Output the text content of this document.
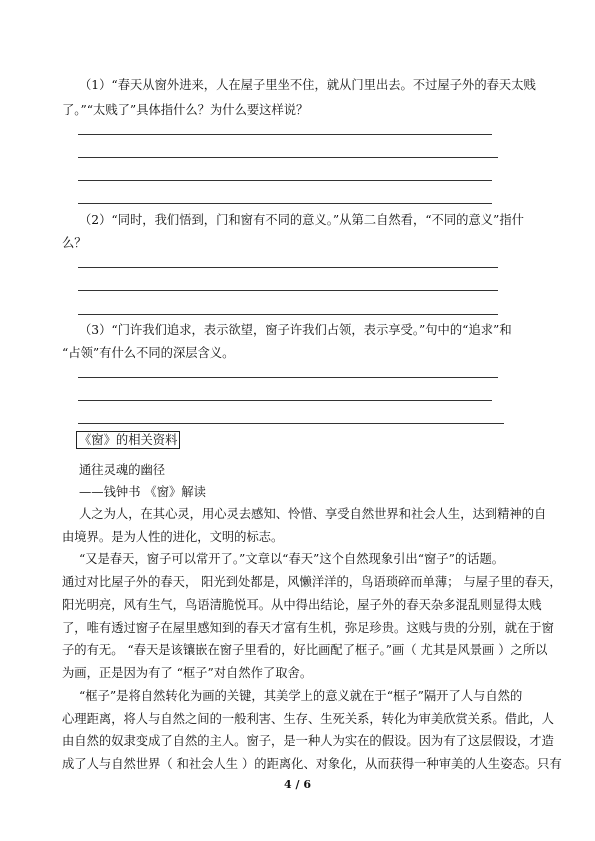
（1）“春天从窗外进来，人在屋子里坐不住，就从门里出去。不过屋子外的春天太贱
了。”“太贱了”具体指什么？为什么要这样说？
（2）“同时，我们悟到，门和窗有不同的意义。”从第二自然看，“不同的意义”指什
么？
（3）“门许我们追求，表示欲望，窗子许我们占领，表示享受。”句中的“追求”和
“占领”有什么不同的深层含义。
《窗》的相关资料
通往灵魂的幽径
——钱钟书 《窗》解读
人之为人，在其心灵，用心灵去感知、怜惜、享受自然世界和社会人生，达到精神的自
由境界。是为人性的进化，文明的标志。
“又是春天，窗子可以常开了。”文章以“春天”这个自然现象引出“窗子”的话题。
通过对比屋子外的春天， 阳光到处都是，风懒洋洋的，鸟语琐碎而单薄； 与屋子里的春天，
阳光明亮，风有生气，鸟语清脆悦耳。从中得出结论，屋子外的春天杂多混乱则显得太贱
了，唯有透过窗子在屋里感知到的春天才富有生机，弥足珍贵。这贱与贵的分别，就在于窗
子的有无。 “春天是该镶嵌在窗子里看的，好比画配了框子。”画（ 尤其是风景画 ）之所以
为画，正是因为有了 “框子”对自然作了取舍。
“框子”是将自然转化为画的关键，其美学上的意义就在于“框子”隔开了人与自然的
心理距离，将人与自然之间的一般利害、生存、生死关系，转化为审美欣赏关系。借此，人
由自然的奴隶变成了自然的主人。窗子，是一种人为实在的假设。因为有了这层假设，才造
成了人与自然世界（ 和社会人生 ）的距离化、对象化，从而获得一种审美的人生姿态。只有
4 / 6
